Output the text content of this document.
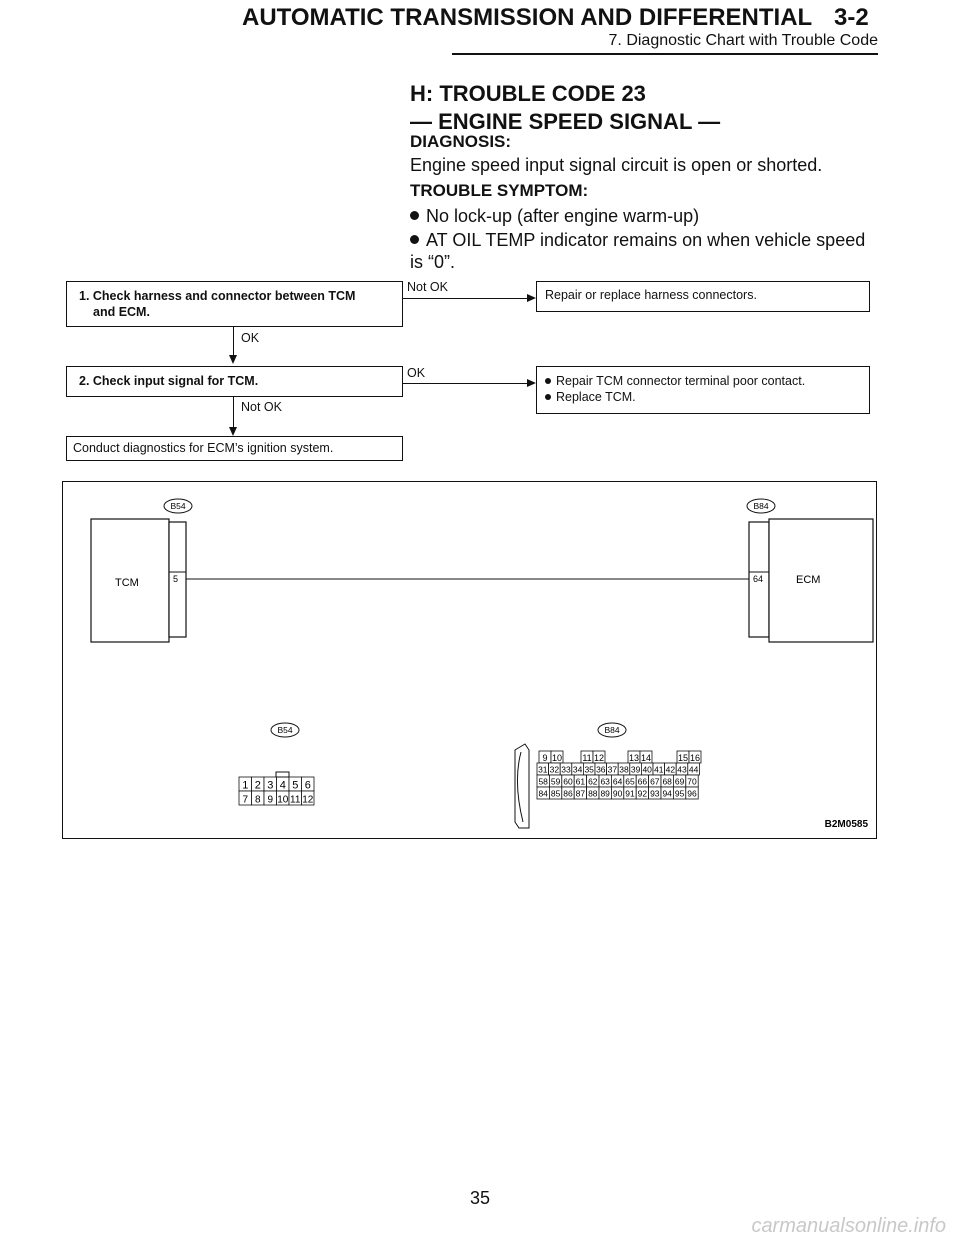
AUTOMATIC TRANSMISSION AND DIFFERENTIAL 3-2
7. Diagnostic Chart with Trouble Code
H: TROUBLE CODE 23
— ENGINE SPEED SIGNAL —
DIAGNOSIS:
Engine speed input signal circuit is open or shorted.
TROUBLE SYMPTOM:
No lock-up (after engine warm-up)
AT OIL TEMP indicator remains on when vehicle speed is “0”.
1. Check harness and connector between TCM
and ECM.
Not OK
Repair or replace harness connectors.
OK
2. Check input signal for TCM.
OK
Repair TCM connector terminal poor contact.
Replace TCM.
Not OK
Conduct diagnostics for ECM’s ignition system.
TCM	5
B54
ECM
64
B84
B54	B84
1 2 3 4 5 6
7 8 9 10 11 12
9 10 11 12	13 14	15 16
31 32 33 34 35 36 37 38 39 40 41 42 43 44
58 59 60 61 62 63 64 65 66 67 68 69 70
84 85 86 87 88 89 90 91 92 93 94 95 96
B2M0585
35
carmanualsonline.info
